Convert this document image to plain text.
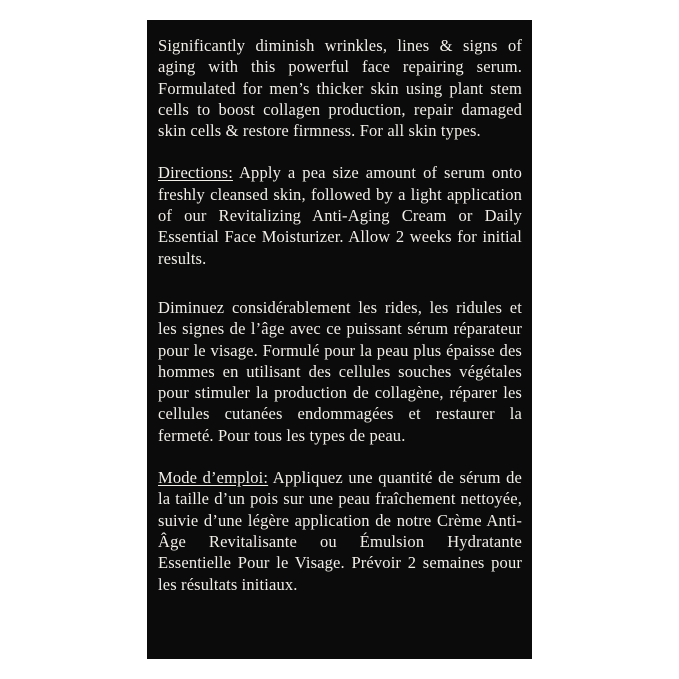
Significantly diminish wrinkles, lines & signs of aging with this powerful face repairing serum. Formulated for men’s thicker skin using plant stem cells to boost collagen production, repair damaged skin cells & restore firmness. For all skin types.

Directions: Apply a pea size amount of serum onto freshly cleansed skin, followed by a light application of our Revitalizing Anti-Aging Cream or Daily Essential Face Moisturizer. Allow 2 weeks for initial results.

Diminuez considérablement les rides, les ridules et les signes de l’âge avec ce puissant sérum réparateur pour le visage. Formulé pour la peau plus épaisse des hommes en utilisant des cellules souches végétales pour stimuler la production de collagène, réparer les cellules cutanées endommagées et restaurer la fermeté. Pour tous les types de peau.

Mode d’emploi: Appliquez une quantité de sérum de la taille d’un pois sur une peau fraîchement nettoyée, suivie d’une légère application de notre Crème Anti-Âge Revitalisante ou Émulsion Hydratante Essentielle Pour le Visage. Prévoir 2 semaines pour les résultats initiaux.
